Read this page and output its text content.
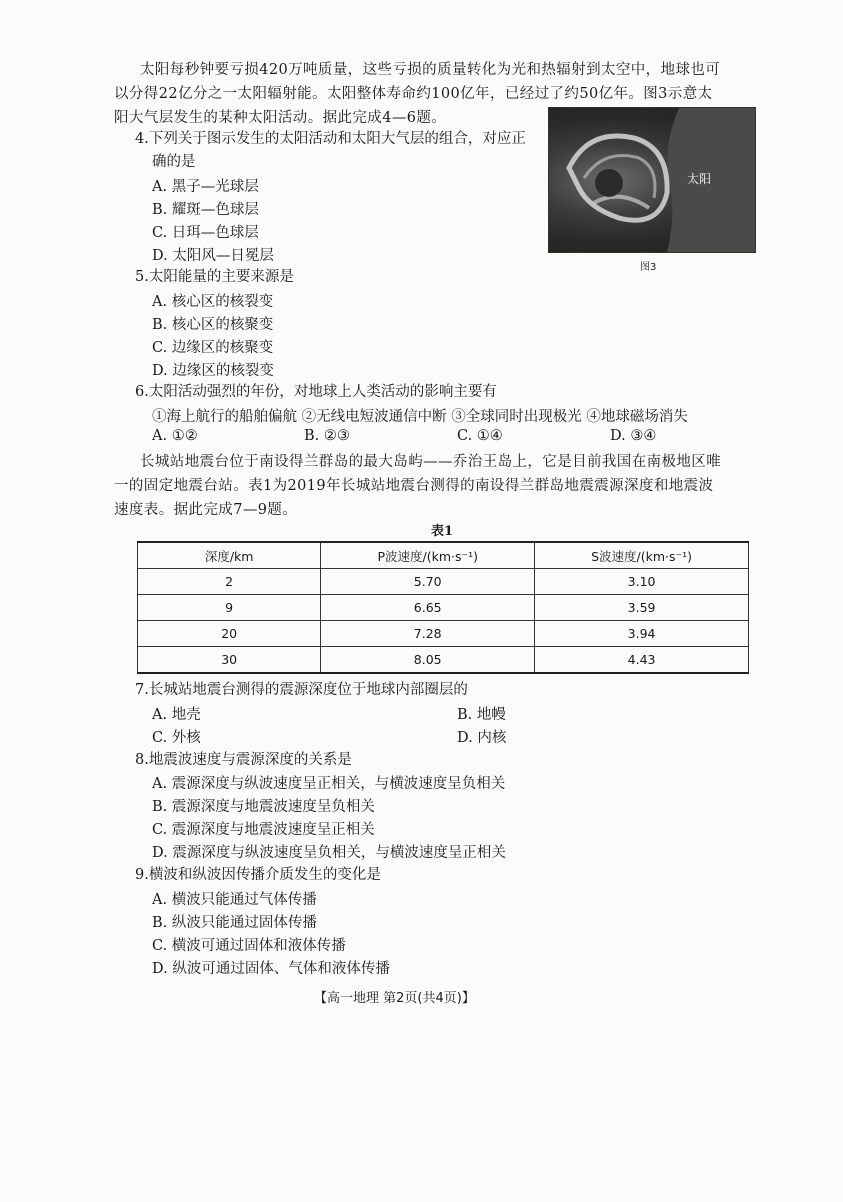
太阳每秒钟要亏损420万吨质量，这些亏损的质量转化为光和热辐射到太空中，地球也可
以分得22亿分之一太阳辐射能。太阳整体寿命约100亿年，已经过了约50亿年。图3示意太
阳大气层发生的某种太阳活动。据此完成4—6题。
太阳
图3
4.下列关于图示发生的太阳活动和太阳大气层的组合，对应正
确的是
A. 黑子—光球层
B. 耀斑—色球层
C. 日珥—色球层
D. 太阳风—日冕层
5.太阳能量的主要来源是
A. 核心区的核裂变
B. 核心区的核聚变
C. 边缘区的核聚变
D. 边缘区的核裂变
6.太阳活动强烈的年份，对地球上人类活动的影响主要有
①海上航行的船舶偏航 ②无线电短波通信中断 ③全球同时出现极光 ④地球磁场消失
A. ①②	B. ②③	C. ①④	D. ③④
长城站地震台位于南设得兰群岛的最大岛屿——乔治王岛上，它是目前我国在南极地区唯
一的固定地震台站。表1为2019年长城站地震台测得的南设得兰群岛地震震源深度和地震波
速度表。据此完成7—9题。
表1
深度/km	P波速度/(km·s⁻¹)	S波速度/(km·s⁻¹)
2	5.70	3.10
9	6.65	3.59
20	7.28	3.94
30	8.05	4.43
7.长城站地震台测得的震源深度位于地球内部圈层的
A. 地壳	B. 地幔
C. 外核	D. 内核
8.地震波速度与震源深度的关系是
A. 震源深度与纵波速度呈正相关，与横波速度呈负相关
B. 震源深度与地震波速度呈负相关
C. 震源深度与地震波速度呈正相关
D. 震源深度与纵波速度呈负相关，与横波速度呈正相关
9.横波和纵波因传播介质发生的变化是
A. 横波只能通过气体传播
B. 纵波只能通过固体传播
C. 横波可通过固体和液体传播
D. 纵波可通过固体、气体和液体传播
【高一地理 第2页(共4页)】
